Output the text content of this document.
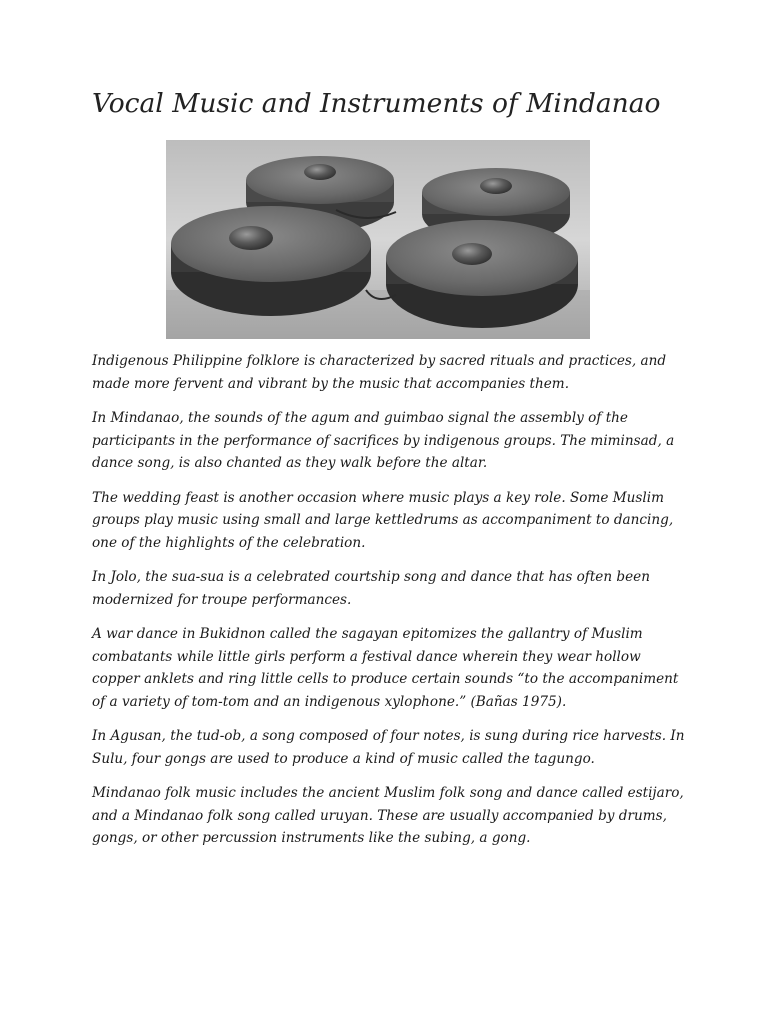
Vocal Music and Instruments of Mindanao

Indigenous Philippine folklore is characterized by sacred rituals and practices, and made more fervent and vibrant by the music that accompanies them.

In Mindanao, the sounds of the agum and guimbao signal the assembly of the participants in the performance of sacrifices by indigenous groups. The miminsad, a dance song, is also chanted as they walk before the altar.

The wedding feast is another occasion where music plays a key role. Some Muslim groups play music using small and large kettledrums as accompaniment to dancing, one of the highlights of the celebration.

In Jolo, the sua-sua is a celebrated courtship song and dance that has often been modernized for troupe performances.

A war dance in Bukidnon called the sagayan epitomizes the gallantry of Muslim combatants while little girls perform a festival dance wherein they wear hollow copper anklets and ring little cells to produce certain sounds “to the accompaniment of a variety of tom-tom and an indigenous xylophone.” (Bañas 1975).

In Agusan, the tud-ob, a song composed of four notes, is sung during rice harvests. In Sulu, four gongs are used to produce a kind of music called the tagungo.

Mindanao folk music includes the ancient Muslim folk song and dance called estijaro, and a Mindanao folk song called uruyan. These are usually accompanied by drums, gongs, or other percussion instruments like the subing, a gong.
